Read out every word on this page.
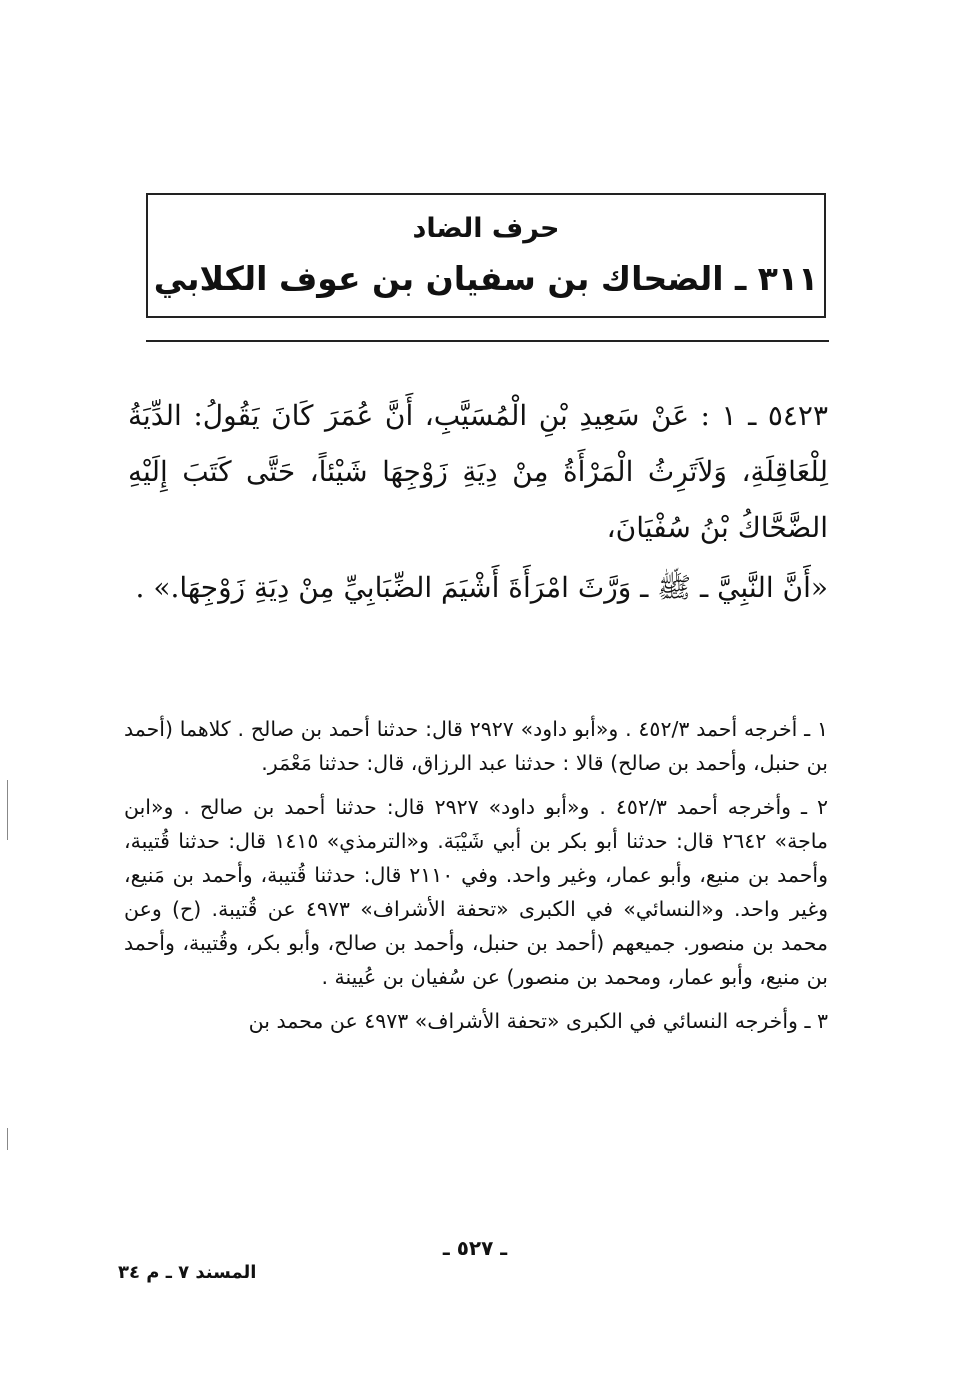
حرف الضاد
٣١١ ـ الضحاك بن سفيان بن عوف الكلابي

٥٤٢٣ ـ ١ : عَنْ سَعِيدِ بْنِ الْمُسَيَّبِ، أَنَّ عُمَرَ كَانَ يَقُولُ: الدِّيَةُ لِلْعَاقِلَةِ، وَلاَتَرِثُ الْمَرْأَةُ مِنْ دِيَةِ زَوْجِهَا شَيْئاً، حَتَّى كَتَبَ إِلَيْهِ الضَّحَّاكُ بْنُ سُفْيَانَ،

«أَنَّ النَّبِيَّ ـ ﷺ ـ وَرَّثَ امْرَأَةَ أَشْيَمَ الضِّبَابِيِّ مِنْ دِيَةِ زَوْجِهَا.» .

١ ـ أخرجه أحمد ٤٥٢/٣ . و«أبو داود» ٢٩٢٧ قال: حدثنا أحمد بن صالح . كلاهما (أحمد بن حنبل، وأحمد بن صالح) قالا : حدثنا عبد الرزاق، قال: حدثنا مَعْمَر.

٢ ـ وأخرجه أحمد ٤٥٢/٣ . و«أبو داود» ٢٩٢٧ قال: حدثنا أحمد بن صالح . و«ابن ماجة» ٢٦٤٢ قال: حدثنا أبو بكر بن أبي شَيْبَة. و«الترمذي» ١٤١٥ قال: حدثنا قُتيبة، وأحمد بن منيع، وأبو عمار، وغير واحد. وفي ٢١١٠ قال: حدثنا قُتيبة، وأحمد بن مَنيع، وغير واحد. و«النسائي» في الكبرى «تحفة الأشراف» ٤٩٧٣ عن قُتيبة. (ح) وعن محمد بن منصور. جميعهم (أحمد بن حنبل، وأحمد بن صالح، وأبو بكر، وقُتيبة، وأحمد بن منيع، وأبو عمار، ومحمد بن منصور) عن سُفيان بن عُيينة .

٣ ـ وأخرجه النسائي في الكبرى «تحفة الأشراف» ٤٩٧٣ عن محمد بن

ـ ٥٢٧ ـ
المسند ٧ ـ م ٣٤
